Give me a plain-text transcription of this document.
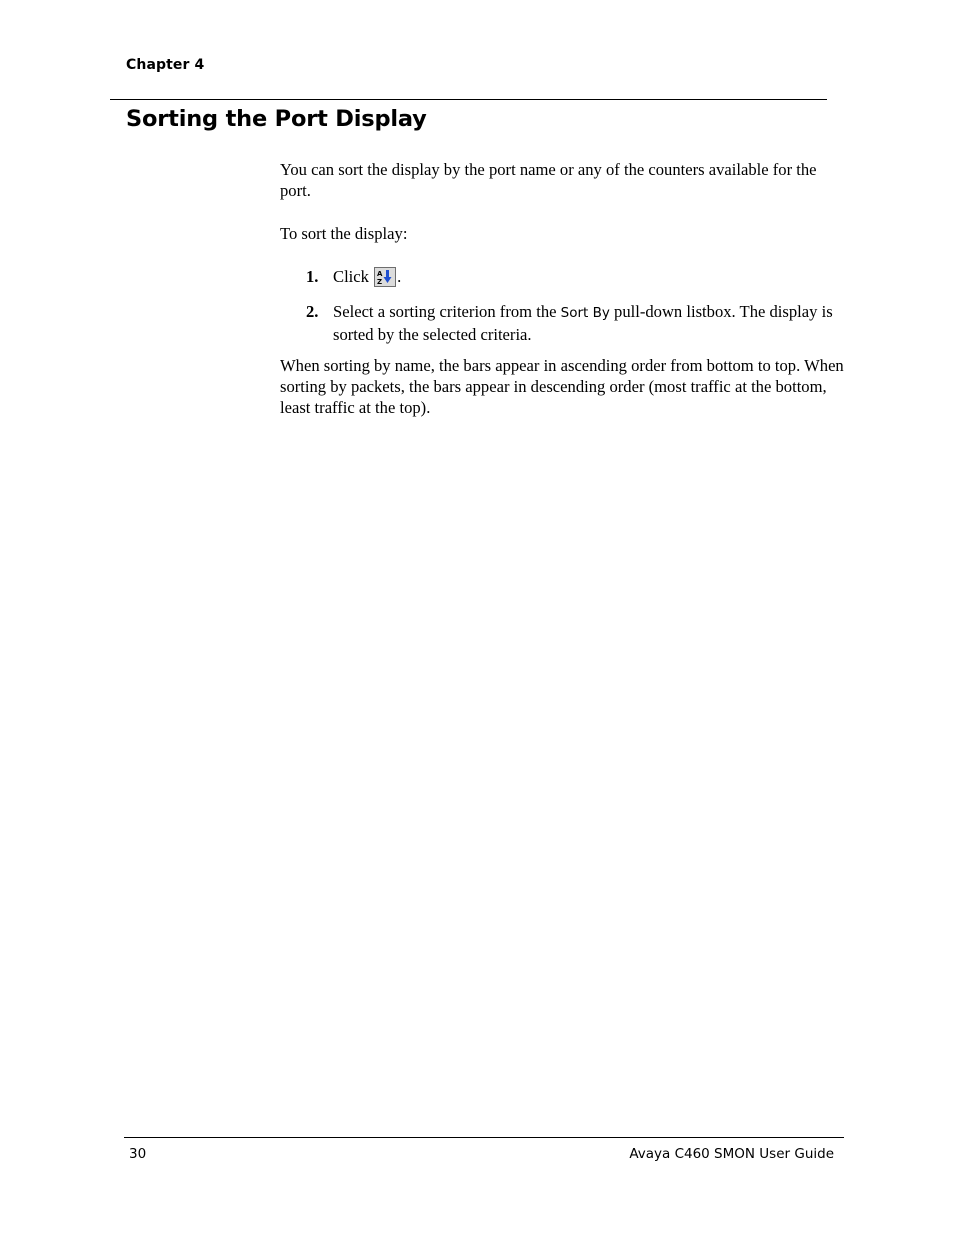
Chapter 4
Sorting the Port Display

You can sort the display by the port name or any of the counters available for the port.

To sort the display:

1. Click A
Z .
2. Select a sorting criterion from the Sort By pull-down listbox. The display is sorted by the selected criteria.

When sorting by name, the bars appear in ascending order from bottom to top. When sorting by packets, the bars appear in descending order (most traffic at the bottom, least traffic at the top).

30	Avaya C460 SMON User Guide
